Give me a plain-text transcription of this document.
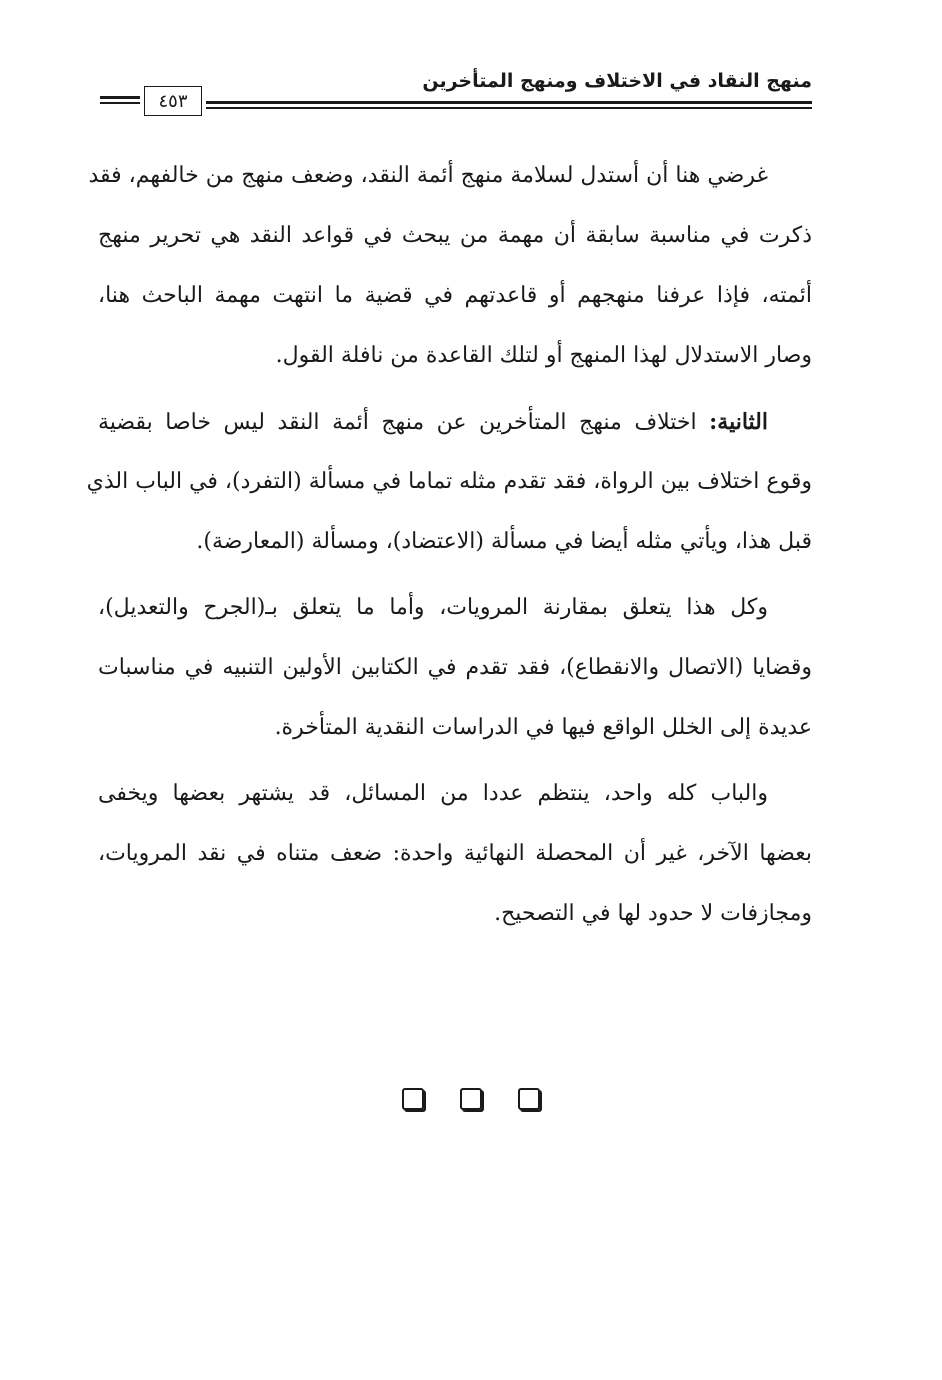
منهج النقاد في الاختلاف ومنهج المتأخرين
٤٥٣
غرضي هنا أن أستدل لسلامة منهج أئمة النقد، وضعف منهج من خالفهم، فقد
ذكرت في مناسبة سابقة أن مهمة من يبحث في قواعد النقد هي تحرير منهج
أئمته، فإذا عرفنا منهجهم أو قاعدتهم في قضية ما انتهت مهمة الباحث هنا،
وصار الاستدلال لهذا المنهج أو لتلك القاعدة من نافلة القول.
الثانية: اختلاف منهج المتأخرين عن منهج أئمة النقد ليس خاصا بقضية
وقوع اختلاف بين الرواة، فقد تقدم مثله تماما في مسألة (التفرد)، في الباب الذي
قبل هذا، ويأتي مثله أيضا في مسألة (الاعتضاد)، ومسألة (المعارضة).
وكل هذا يتعلق بمقارنة المرويات، وأما ما يتعلق بـ(الجرح والتعديل)،
وقضايا (الاتصال والانقطاع)، فقد تقدم في الكتابين الأولين التنبيه في مناسبات
عديدة إلى الخلل الواقع فيها في الدراسات النقدية المتأخرة.
والباب كله واحد، ينتظم عددا من المسائل، قد يشتهر بعضها ويخفى
بعضها الآخر، غير أن المحصلة النهائية واحدة: ضعف متناه في نقد المرويات،
ومجازفات لا حدود لها في التصحيح.
